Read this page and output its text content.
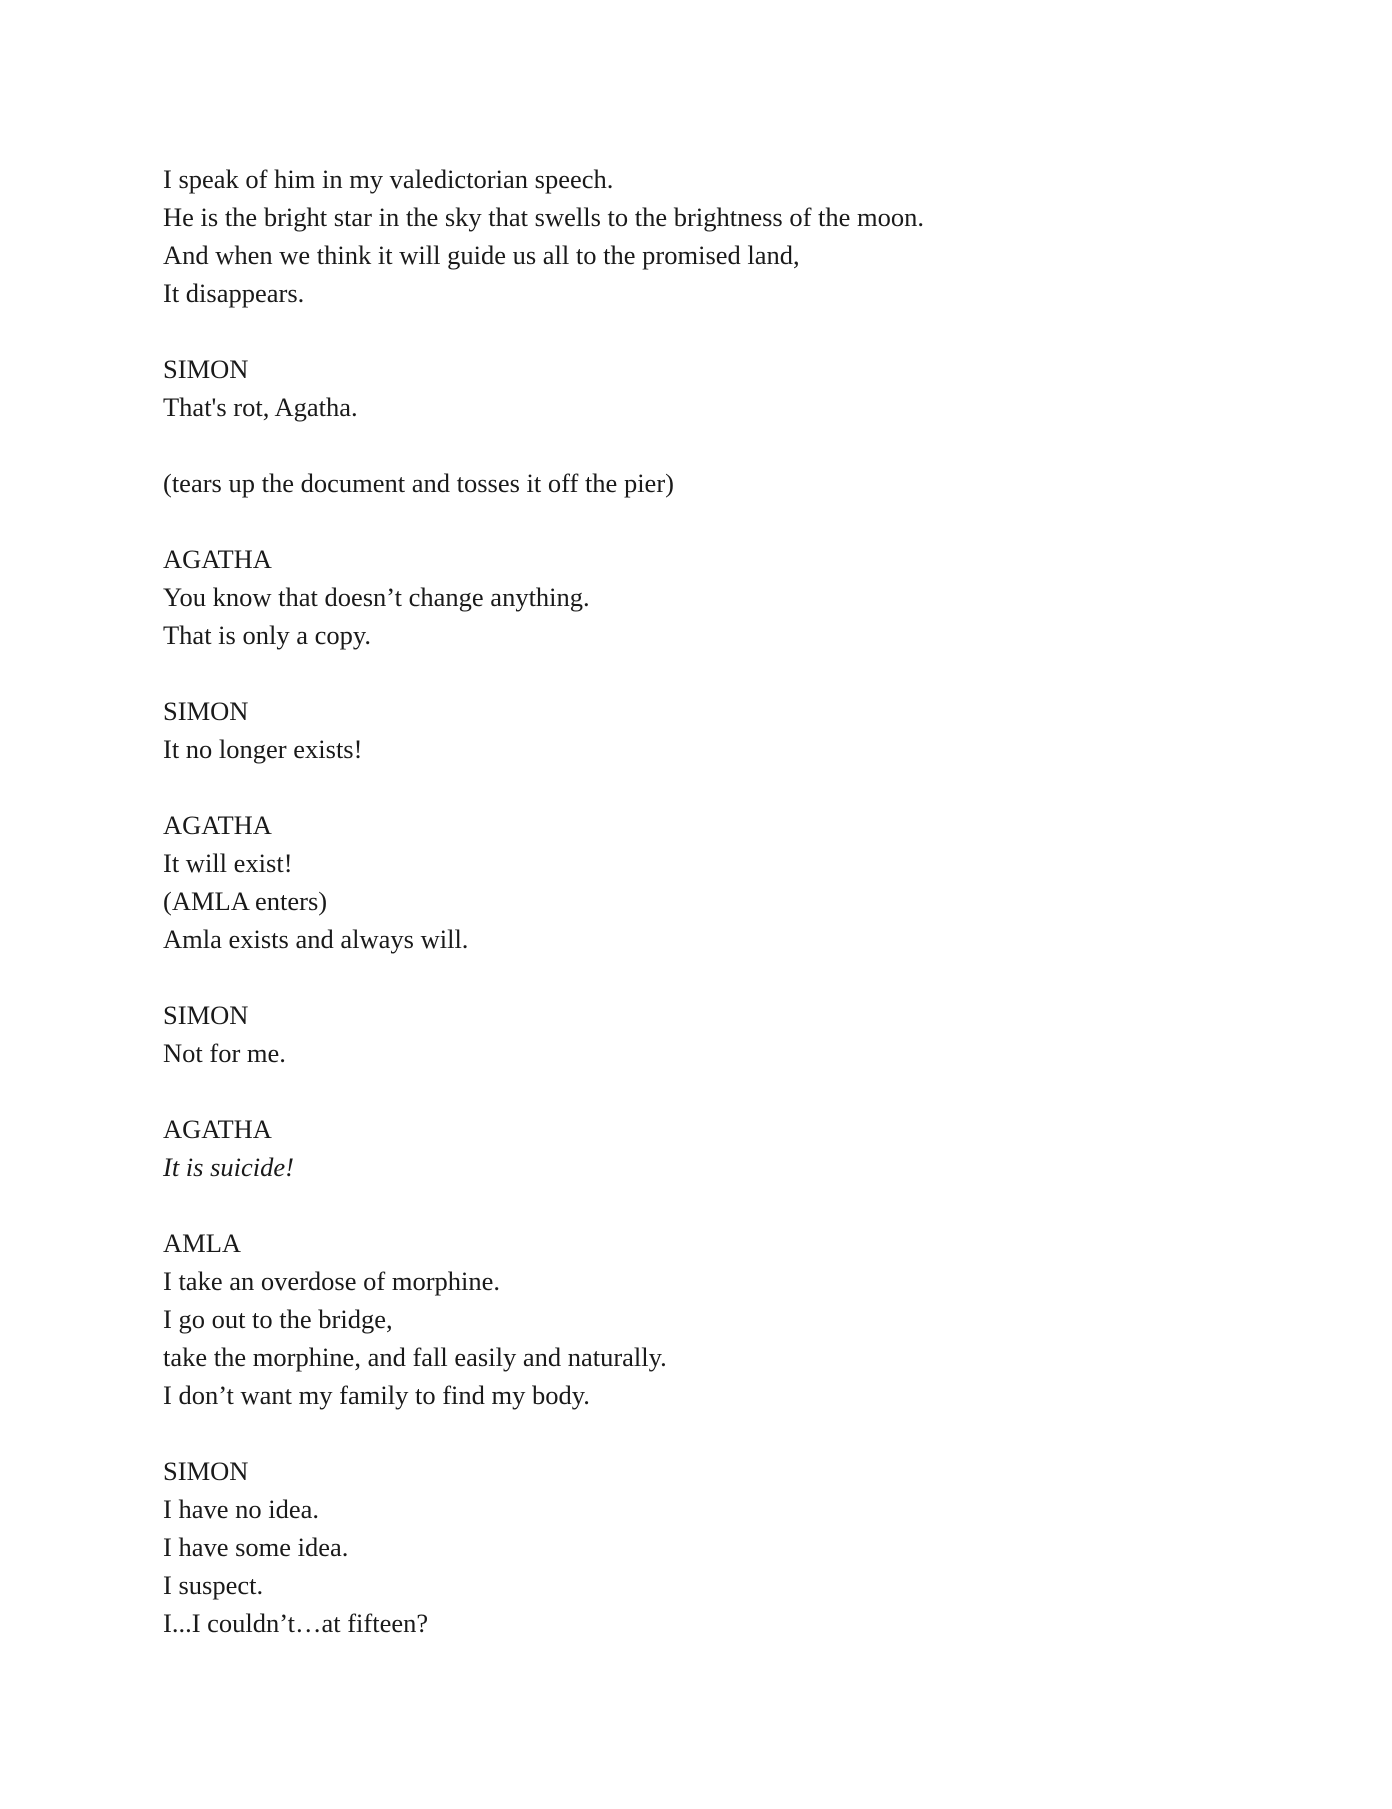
I speak of him in my valedictorian speech.
He is the bright star in the sky that swells to the brightness of the moon.
And when we think it will guide us all to the promised land,
It disappears.
SIMON
That's rot, Agatha.
(tears up the document and tosses it off the pier)
AGATHA
You know that doesn’t change anything.
That is only a copy.
SIMON
It no longer exists!
AGATHA
It will exist!
(AMLA enters)
Amla exists and always will.
SIMON
Not for me.
AGATHA
It is suicide!
AMLA
I take an overdose of morphine.
I go out to the bridge,
take the morphine, and fall easily and naturally.
I don’t want my family to find my body.
SIMON
I have no idea.
I have some idea.
I suspect.
I...I couldn’t…at fifteen?
